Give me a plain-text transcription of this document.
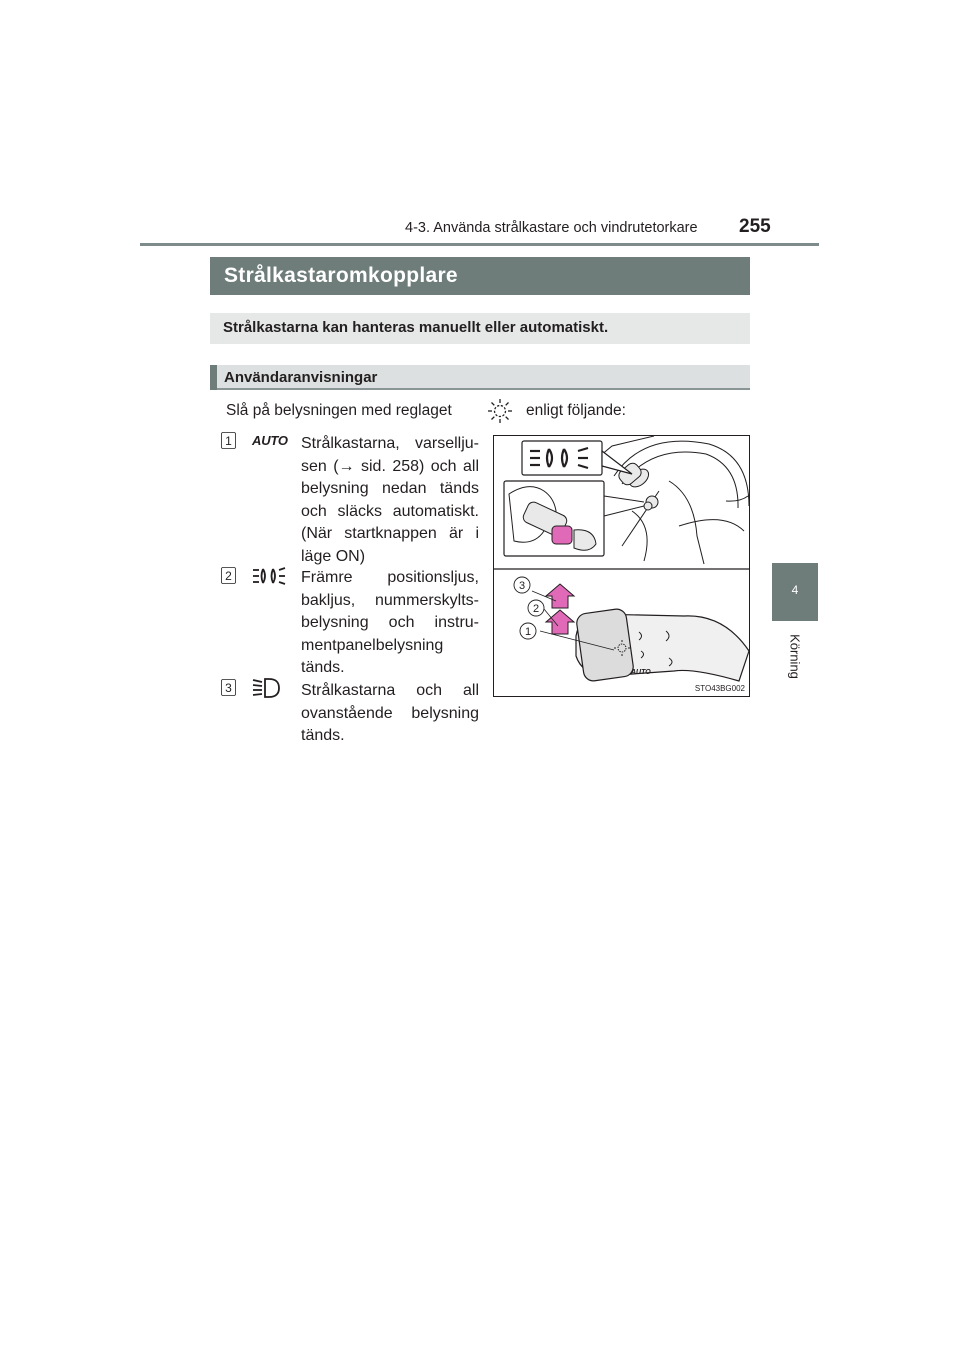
4-3. Använda strålkastare och vindrutetorkare 255
4
Körning
Strålkastaromkopplare
Strålkastarna kan hanteras manuellt eller automatiskt.
Användaranvisningar
Slå på belysningen med reglaget	enligt följande:
1 AUTO Strålkastarna, varsellju-sen (→ sid. 258) och all belysning nedan tänds och släcks automatiskt. (När startknappen är i läge ON)
2	Främre positionsljus, bakljus, nummerskylts-belysning och instru-mentpanelbelysning tänds.
3	Strålkastarna och all ovanstående belysning tänds.
AUTO
3
2
1
STO43BG002
